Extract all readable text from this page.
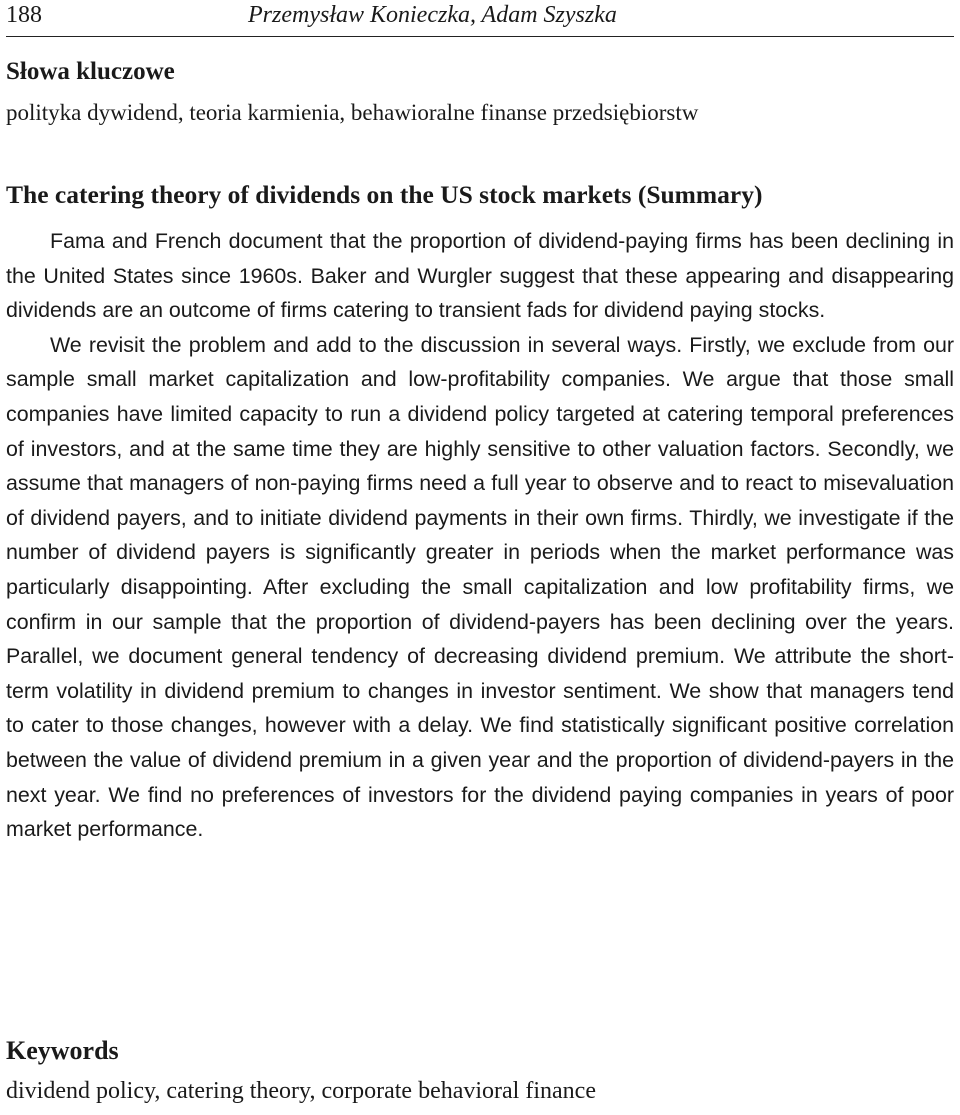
188	Przemysław Konieczka, Adam Szyszka
Słowa kluczowe
polityka dywidend, teoria karmienia, behawioralne finanse przedsiębiorstw
The catering theory of dividends on the US stock markets (Summary)

Fama and French document that the proportion of dividend-paying firms has been declining in the United States since 1960s. Baker and Wurgler suggest that these appearing and disappearing dividends are an outcome of firms catering to transient fads for dividend paying stocks.

We revisit the problem and add to the discussion in several ways. Firstly, we exclude from our sample small market capitalization and low-profitability companies. We argue that those small companies have limited capacity to run a dividend policy targeted at catering temporal preferences of investors, and at the same time they are highly sensitive to other valuation factors. Secondly, we assume that managers of non-paying firms need a full year to observe and to react to misevaluation of dividend payers, and to initiate dividend payments in their own firms. Thirdly, we investigate if the number of dividend payers is significantly greater in periods when the market performance was particularly disappointing. After excluding the small capitalization and low profitability firms, we confirm in our sample that the proportion of dividend-payers has been declining over the years. Parallel, we document general tendency of decreasing dividend premium. We attribute the short-term volatility in dividend premium to changes in investor sentiment. We show that managers tend to cater to those changes, however with a delay. We find statistically significant positive correlation between the value of dividend premium in a given year and the proportion of dividend-payers in the next year. We find no preferences of investors for the dividend paying companies in years of poor market performance.

Keywords
dividend policy, catering theory, corporate behavioral finance
